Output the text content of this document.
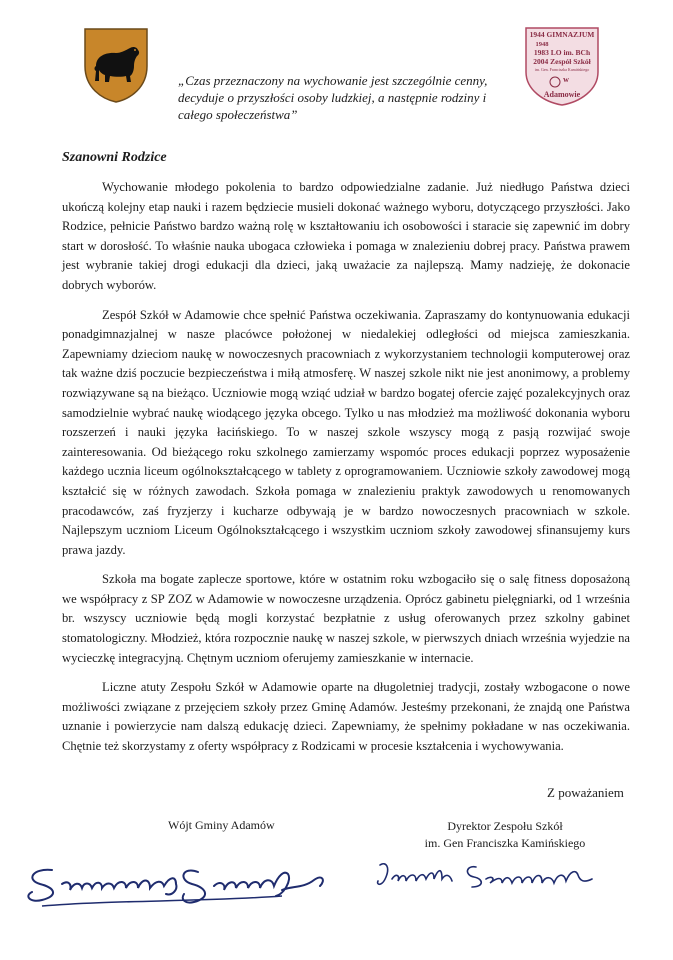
„Czas przeznaczony na wychowanie jest szczególnie cenny, decyduje o przyszłości osoby ludzkiej, a następnie rodziny i całego społeczeństwa”
1944 GIMNAZJUM
1948
1983 LO im. BCh
2004 Zespół Szkół
im. Gen. Franciszka Kamińskiego
w
Adamowie
Szanowni Rodzice

Wychowanie młodego pokolenia to bardzo odpowiedzialne zadanie. Już niedługo Państwa dzieci ukończą kolejny etap nauki i razem będziecie musieli dokonać ważnego wyboru, dotyczącego przyszłości. Jako Rodzice, pełnicie Państwo bardzo ważną rolę w kształtowaniu ich osobowości i staracie się zapewnić im dobry start w dorosłość. To właśnie nauka ubogaca człowieka i pomaga w znalezieniu dobrej pracy. Państwa prawem jest wybranie takiej drogi edukacji dla dzieci, jaką uważacie za najlepszą. Mamy nadzieję, że dokonacie dobrych wyborów.

Zespół Szkół w Adamowie chce spełnić Państwa oczekiwania. Zapraszamy do kontynuowania edukacji ponadgimnazjalnej w nasze placówce położonej w niedalekiej odległości od miejsca zamieszkania. Zapewniamy dzieciom naukę w nowoczesnych pracowniach z wykorzystaniem technologii komputerowej oraz tak ważne dziś poczucie bezpieczeństwa i miłą atmosferę. W naszej szkole nikt nie jest anonimowy, a problemy rozwiązywane są na bieżąco. Uczniowie mogą wziąć udział w bardzo bogatej ofercie zajęć pozalekcyjnych oraz samodzielnie wybrać naukę wiodącego języka obcego. Tylko u nas młodzież ma możliwość dokonania wyboru rozszerzeń i nauki języka łacińskiego. To w naszej szkole wszyscy mogą z pasją rozwijać swoje zainteresowania. Od bieżącego roku szkolnego zamierzamy wspomóc proces edukacji poprzez wyposażenie każdego ucznia liceum ogólnokształcącego w tablety z oprogramowaniem. Uczniowie szkoły zawodowej mogą kształcić się w różnych zawodach. Szkoła pomaga w znalezieniu praktyk zawodowych u renomowanych pracodawców, zaś fryzjerzy i kucharze odbywają je w bardzo nowoczesnych pracowniach w szkole. Najlepszym uczniom Liceum Ogólnokształcącego i wszystkim uczniom szkoły zawodowej sfinansujemy kurs prawa jazdy.

Szkoła ma bogate zaplecze sportowe, które w ostatnim roku wzbogaciło się o salę fitness doposażoną we współpracy z SP ZOZ w Adamowie w nowoczesne urządzenia. Oprócz gabinetu pielęgniarki, od 1 września br. wszyscy uczniowie będą mogli korzystać bezpłatnie z usług oferowanych przez szkolny gabinet stomatologiczny. Młodzież, która rozpocznie naukę w naszej szkole, w pierwszych dniach września wyjedzie na wycieczkę integracyjną. Chętnym uczniom oferujemy zamieszkanie w internacie.

Liczne atuty Zespołu Szkół w Adamowie oparte na długoletniej tradycji, zostały wzbogacone o nowe możliwości związane z przejęciem szkoły przez Gminę Adamów. Jesteśmy przekonani, że znajdą one Państwa uznanie i powierzycie nam dalszą edukację dzieci. Zapewniamy, że spełnimy pokładane w nas oczekiwania. Chętnie też skorzystamy z oferty współpracy z Rodzicami w procesie kształcenia i wychowywania.

Z poważaniem
Wójt Gminy Adamów	Dyrektor Zespołu Szkół
im. Gen Franciszka Kamińskiego
